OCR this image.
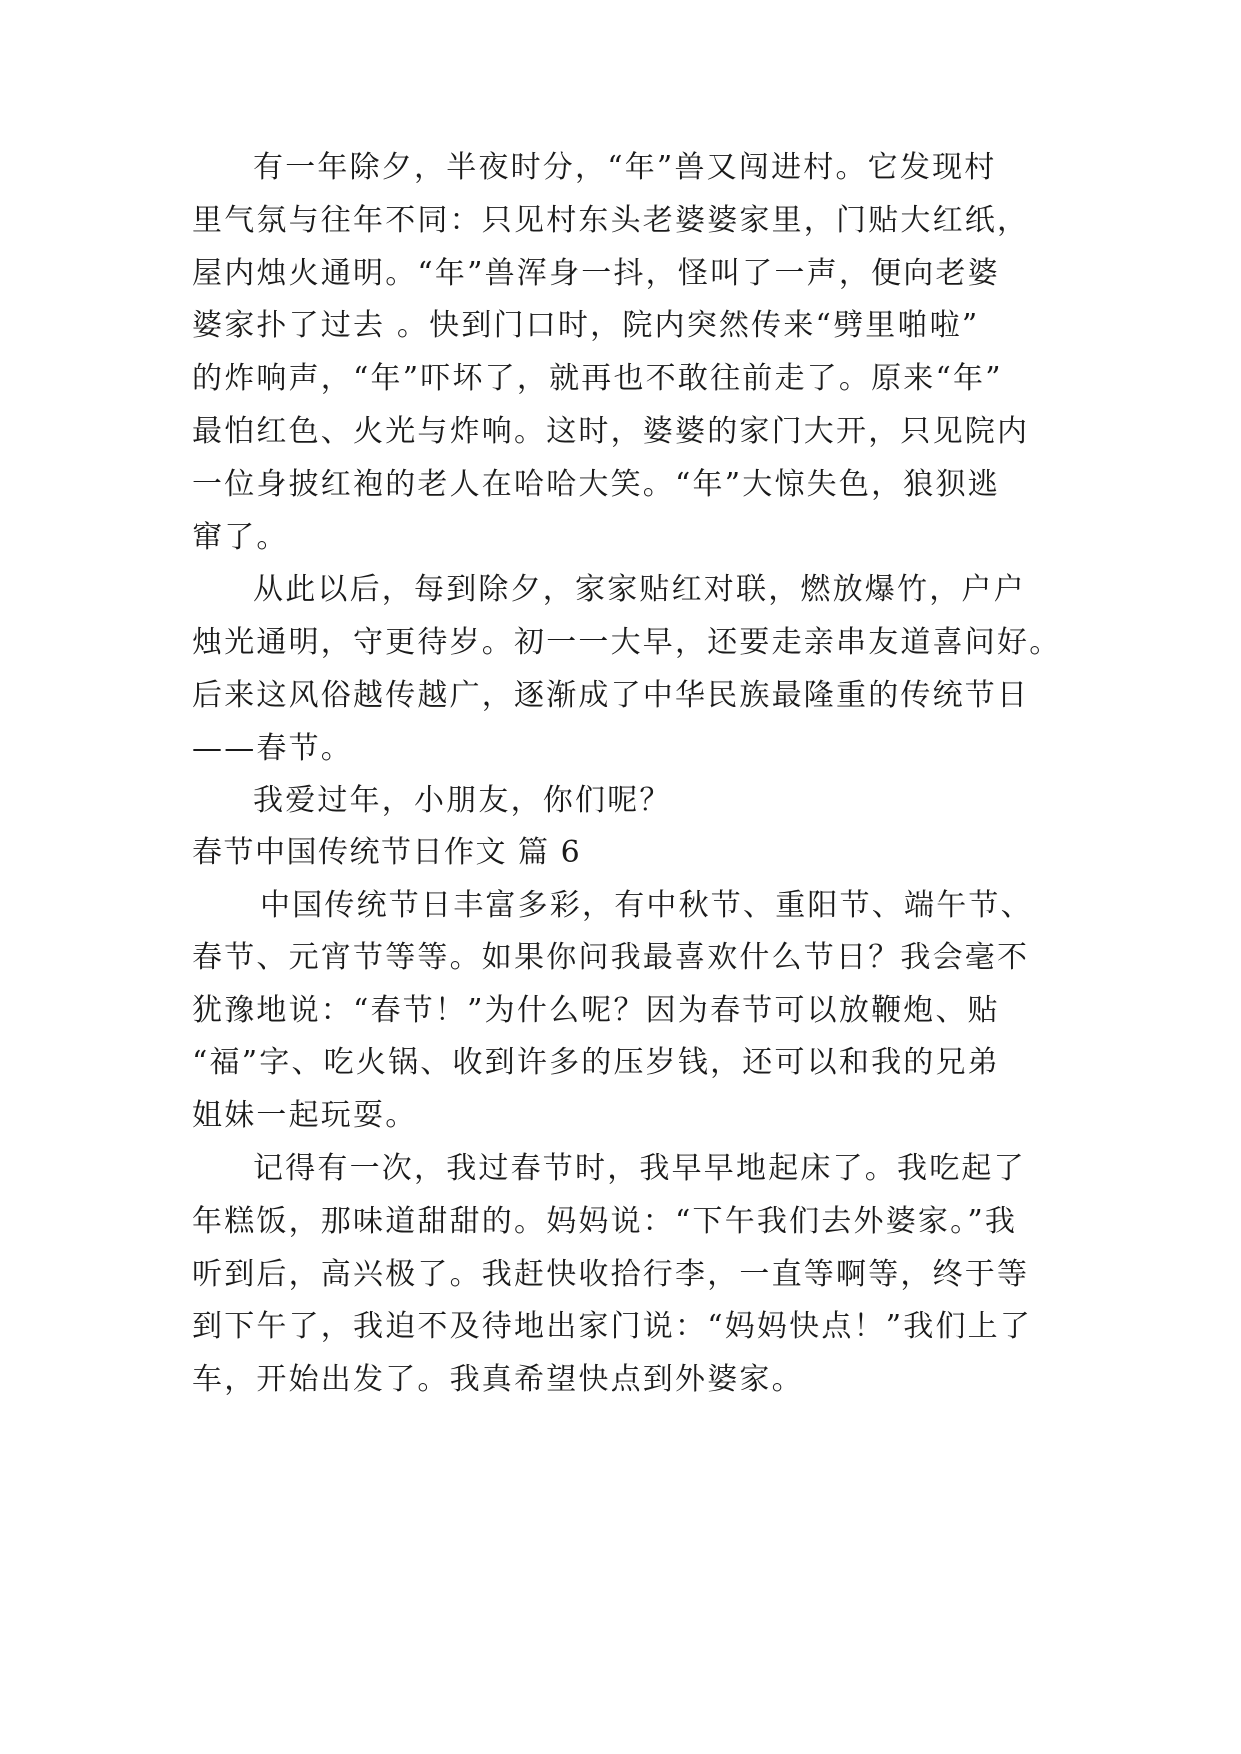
有一年除夕，半夜时分，“年”兽又闯进村。它发现村
里气氛与往年不同：只见村东头老婆婆家里，门贴大红纸，
屋内烛火通明。“年”兽浑身一抖，怪叫了一声，便向老婆
婆家扑了过去 。快到门口时，院内突然传来“劈里啪啦”
的炸响声，“年”吓坏了，就再也不敢往前走了。原来“年”
最怕红色、火光与炸响。这时，婆婆的家门大开，只见院内
一位身披红袍的老人在哈哈大笑。“年”大惊失色，狼狈逃
窜了。
从此以后，每到除夕，家家贴红对联，燃放爆竹，户户
烛光通明，守更待岁。初一一大早，还要走亲串友道喜问好。
后来这风俗越传越广，逐渐成了中华民族最隆重的传统节日
——春节。
我爱过年，小朋友，你们呢？
春节中国传统节日作文 篇 6
中国传统节日丰富多彩，有中秋节、重阳节、端午节、
春节、元宵节等等。如果你问我最喜欢什么节日？我会毫不
犹豫地说：“春节！”为什么呢？因为春节可以放鞭炮、贴
“福”字、吃火锅、收到许多的压岁钱，还可以和我的兄弟
姐妹一起玩耍。
记得有一次，我过春节时，我早早地起床了。我吃起了
年糕饭，那味道甜甜的。妈妈说：“下午我们去外婆家。”我
听到后，高兴极了。我赶快收拾行李，一直等啊等，终于等
到下午了，我迫不及待地出家门说：“妈妈快点！”我们上了
车，开始出发了。我真希望快点到外婆家。
